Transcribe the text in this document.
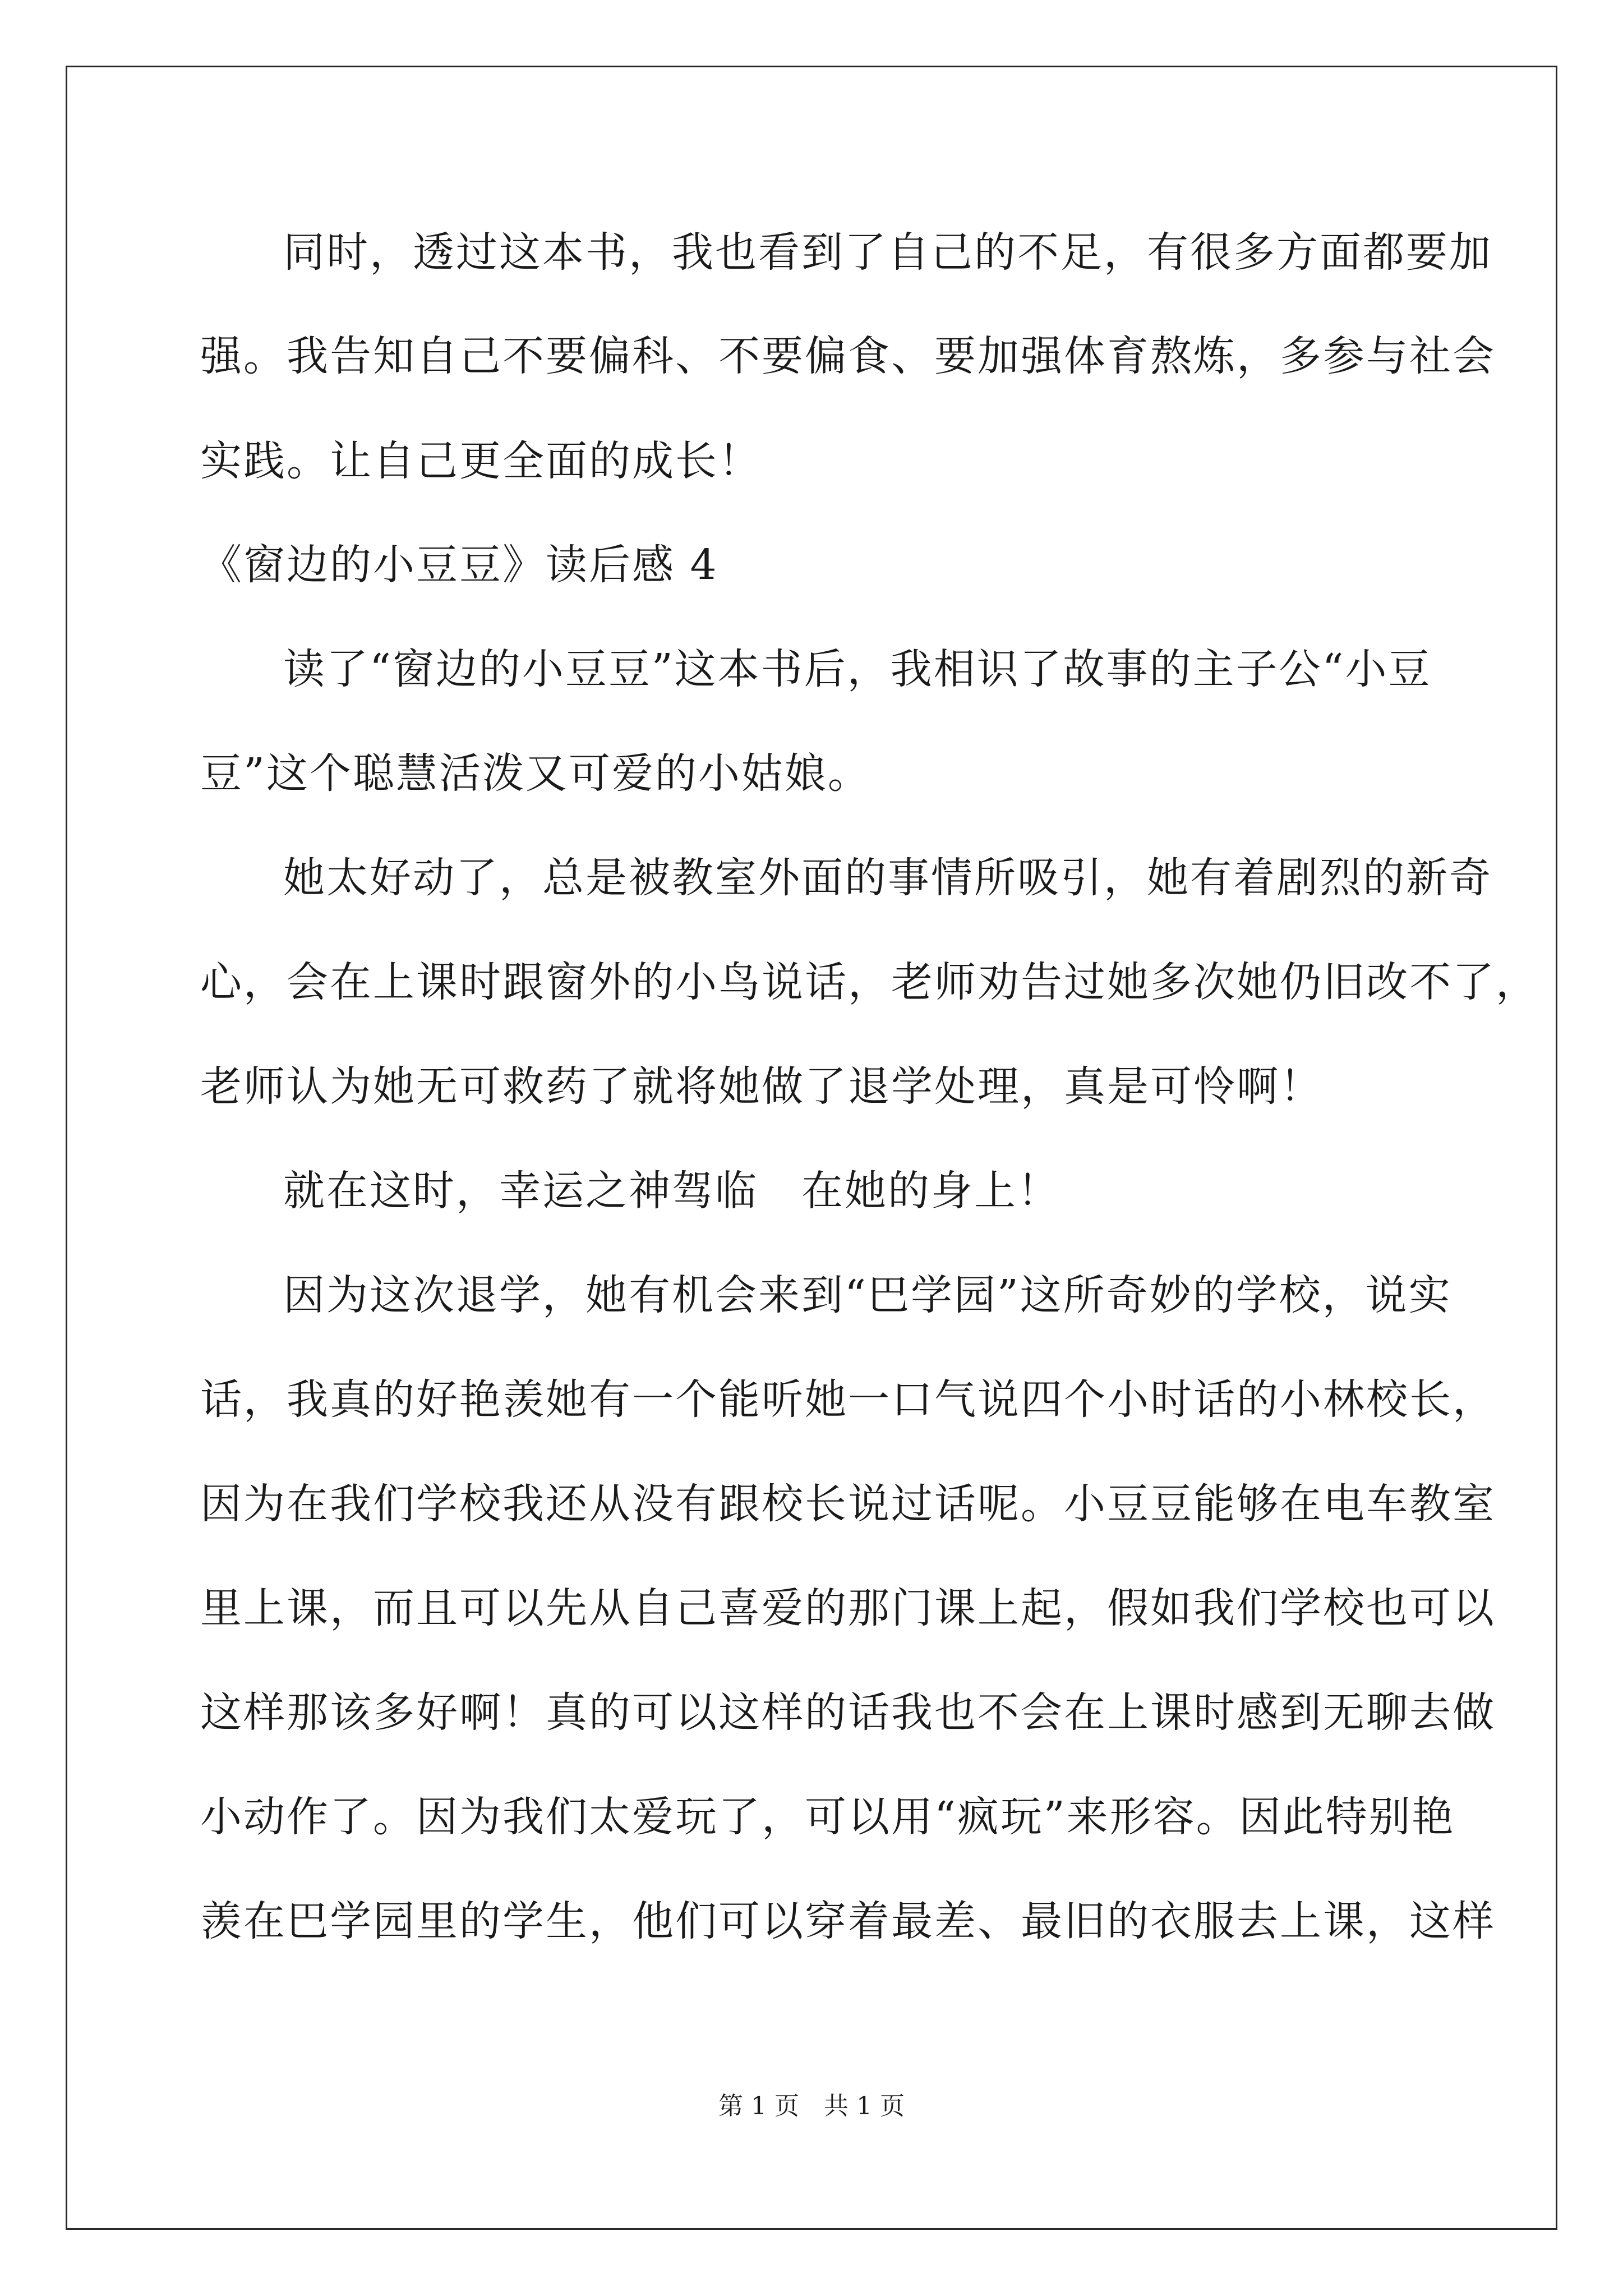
同时，透过这本书，我也看到了自己的不足，有很多方面都要加
强。我告知自己不要偏科、不要偏食、要加强体育熬炼，多参与社会
实践。让自己更全面的成长！
《窗边的小豆豆》读后感 4
读了“窗边的小豆豆”这本书后，我相识了故事的主子公“小豆
豆”这个聪慧活泼又可爱的小姑娘。
她太好动了，总是被教室外面的事情所吸引，她有着剧烈的新奇
心，会在上课时跟窗外的小鸟说话，老师劝告过她多次她仍旧改不了，
老师认为她无可救药了就将她做了退学处理，真是可怜啊！
就在这时，幸运之神驾临　在她的身上！
因为这次退学，她有机会来到“巴学园”这所奇妙的学校，说实
话，我真的好艳羡她有一个能听她一口气说四个小时话的小林校长，
因为在我们学校我还从没有跟校长说过话呢。小豆豆能够在电车教室
里上课，而且可以先从自己喜爱的那门课上起，假如我们学校也可以
这样那该多好啊！真的可以这样的话我也不会在上课时感到无聊去做
小动作了。因为我们太爱玩了，可以用“疯玩”来形容。因此特别艳
羡在巴学园里的学生，他们可以穿着最差、最旧的衣服去上课，这样
第 1 页　共 1 页
